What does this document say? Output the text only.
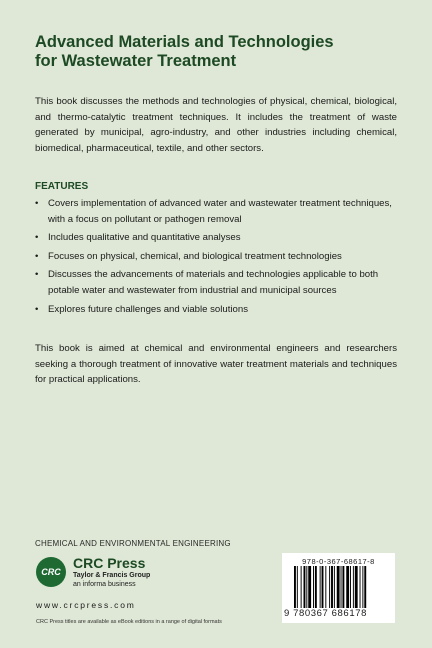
Advanced Materials and Technologies
for Wastewater Treatment

This book discusses the methods and technologies of physical, chemical, biological, and thermo-catalytic treatment techniques. It includes the treatment of waste generated by municipal, agro-industry, and other industries including chemical, biomedical, pharmaceutical, textile, and other sectors.

FEATURES
• Covers implementation of advanced water and wastewater treatment techniques, with a focus on pollutant or pathogen removal
• Includes qualitative and quantitative analyses
• Focuses on physical, chemical, and biological treatment technologies
• Discusses the advancements of materials and technologies applicable to both potable water and wastewater from industrial and municipal sources
• Explores future challenges and viable solutions

This book is aimed at chemical and environmental engineers and researchers seeking a thorough treatment of innovative water treatment materials and techniques for practical applications.

CHEMICAL AND ENVIRONMENTAL ENGINEERING
CRC
CRC Press
Taylor & Francis Group
an informa business
www.crcpress.com
CRC Press titles are available as eBook editions in a range of digital formats
978-0-367-68617-8
9 780367 686178
